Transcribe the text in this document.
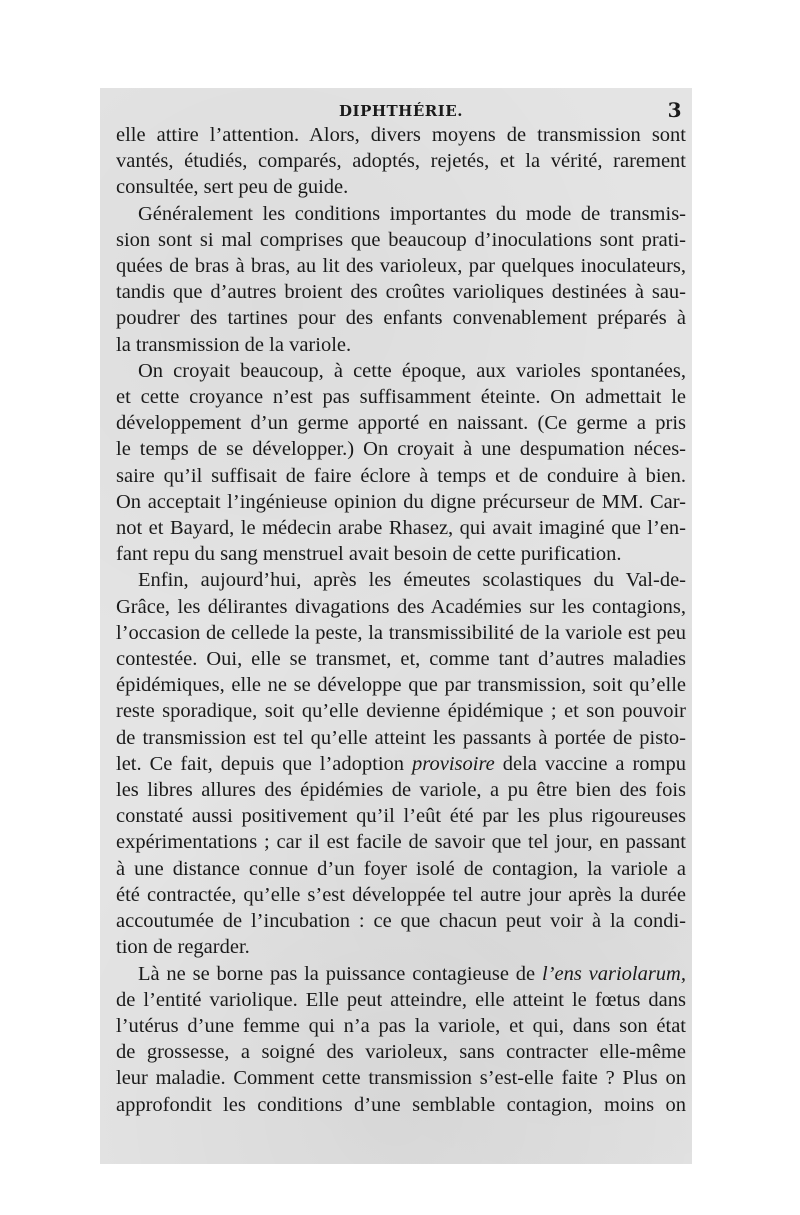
DIPHTHÉRIE.	3

elle attire l’attention. Alors, divers moyens de transmission sont
vantés, étudiés, comparés, adoptés, rejetés, et la vérité, rarement
consultée, sert peu de guide.

Généralement les conditions importantes du mode de transmis-
sion sont si mal comprises que beaucoup d’inoculations sont prati-
quées de bras à bras, au lit des varioleux, par quelques inoculateurs,
tandis que d’autres broient des croûtes varioliques destinées à sau-
poudrer des tartines pour des enfants convenablement préparés à
la transmission de la variole.

On croyait beaucoup, à cette époque, aux varioles spontanées,
et cette croyance n’est pas suffisamment éteinte. On admettait le
développement d’un germe apporté en naissant. (Ce germe a pris
le temps de se développer.) On croyait à une despumation néces-
saire qu’il suffisait de faire éclore à temps et de conduire à bien.
On acceptait l’ingénieuse opinion du digne précurseur de MM. Car-
not et Bayard, le médecin arabe Rhasez, qui avait imaginé que l’en-
fant repu du sang menstruel avait besoin de cette purification.

Enfin, aujourd’hui, après les émeutes scolastiques du Val-de-
Grâce, les délirantes divagations des Académies sur les contagions,
l’occasion de cellede la peste, la transmissibilité de la variole est peu
contestée. Oui, elle se transmet, et, comme tant d’autres maladies
épidémiques, elle ne se développe que par transmission, soit qu’elle
reste sporadique, soit qu’elle devienne épidémique ; et son pouvoir
de transmission est tel qu’elle atteint les passants à portée de pisto-
let. Ce fait, depuis que l’adoption provisoire dela vaccine a rompu
les libres allures des épidémies de variole, a pu être bien des fois
constaté aussi positivement qu’il l’eût été par les plus rigoureuses
expérimentations ; car il est facile de savoir que tel jour, en passant
à une distance connue d’un foyer isolé de contagion, la variole a
été contractée, qu’elle s’est développée tel autre jour après la durée
accoutumée de l’incubation : ce que chacun peut voir à la condi-
tion de regarder.

Là ne se borne pas la puissance contagieuse de l’ens variolarum,
de l’entité variolique. Elle peut atteindre, elle atteint le fœtus dans
l’utérus d’une femme qui n’a pas la variole, et qui, dans son état
de grossesse, a soigné des varioleux, sans contracter elle-même
leur maladie. Comment cette transmission s’est-elle faite ? Plus on
approfondit les conditions d’une semblable contagion, moins on
